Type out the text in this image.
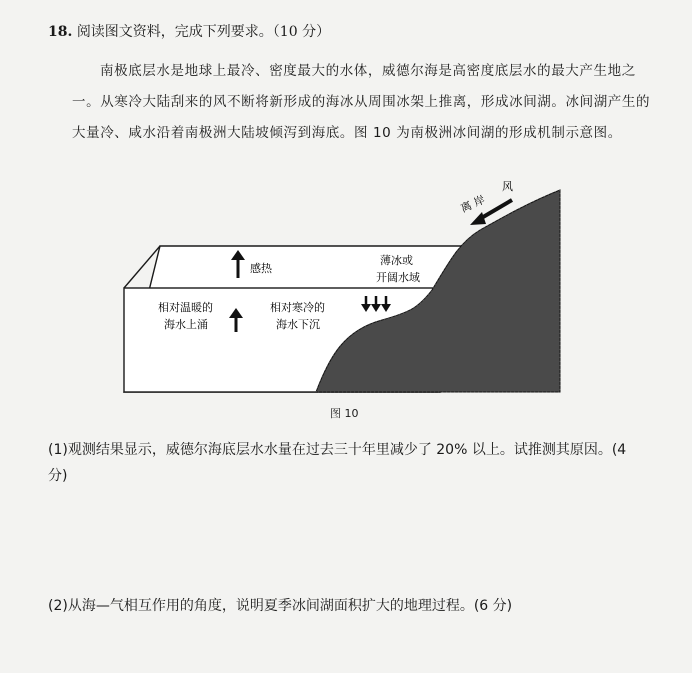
18. 阅读图文资料，完成下列要求。（10 分）
南极底层水是地球上最冷、密度最大的水体，威德尔海是高密度底层水的最大产生地之一。从寒冷大陆刮来的风不断将新形成的海冰从周围冰架上推离，形成冰间湖。冰间湖产生的大量冷、咸水沿着南极洲大陆坡倾泻到海底。图 10 为南极洲冰间湖的形成机制示意图。
感热
相对温暖的
海水上涌
相对寒冷的
海水下沉
薄冰或
开阔水域
离 岸
风
图 10
(1)观测结果显示，威德尔海底层水水量在过去三十年里减少了 20% 以上。试推测其原因。(4 分)
(2)从海—气相互作用的角度，说明夏季冰间湖面积扩大的地理过程。(6 分)
